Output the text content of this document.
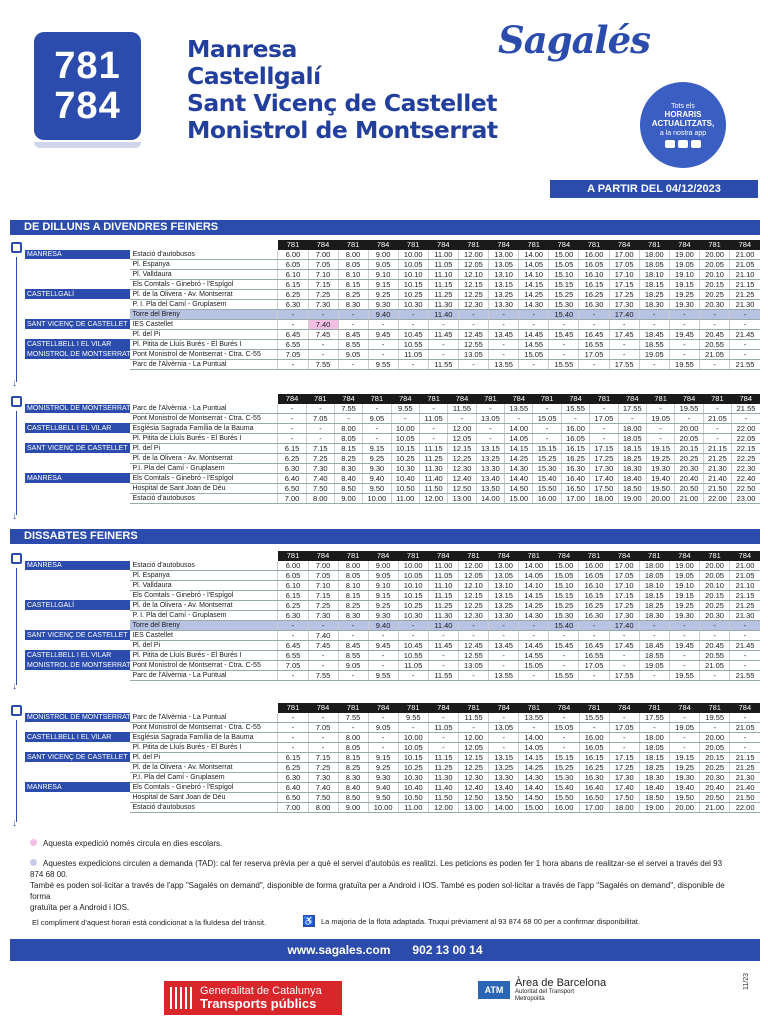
781
784
Manresa
Castellgalí
Sant Vicenç de Castellet
Monistrol de Montserrat
Sagalés
Tots els
HORARIS ACTUALITZATS,
a la nostra app
A PARTIR DEL 04/12/2023
DE DILLUNS A DIVENDRES FEINERS
↓
		781	784	781	784	781	784	781	784	781	784	781	784	781	784	781	784
MANRESA	Estació d'autobusos	6.00	7.00	8.00	9.00	10.00	11.00	12.00	13.00	14.00	15.00	16.00	17.00	18.00	19.00	20.00	21.00
	Pl. Espanya	6.05	7.05	8.05	9.05	10.05	11.05	12.05	13.05	14.05	15.05	16.05	17.05	18.05	19.05	20.05	21.05
	Pl. Valldaura	6.10	7.10	8.10	9.10	10.10	11.10	12.10	13.10	14.10	15.10	16.10	17.10	18.10	19.10	20.10	21.10
	Els Comtals - Ginebró - l'Espígol	6.15	7.15	8.15	9.15	10.15	11.15	12.15	13.15	14.15	15.15	16.15	17.15	18.15	19.15	20.15	21.15
CASTELLGALÍ	Pl. de la Olivera - Av. Montserrat	6.25	7.25	8.25	9.25	10.25	11.25	12.25	13.25	14.25	15.25	16.25	17.25	18.25	19.25	20.25	21.25
	P. I. Pla del Camí - Gruplasem	6.30	7.30	8.30	9.30	10.30	11.30	12.30	13.30	14.30	15.30	16.30	17.30	18.30	19.30	20.30	21.30
	Torre del Breny	-	-	-	9.40	-	11.40	-	-	-	15.40	-	17.40	-	-	-	-
SANT VICENÇ DE CASTELLET	IES Castellet	-	7.40	-	-	-	-	-	-	-	-	-	-	-	-	-	-
	Pl. del Pi	6.45	7.45	8.45	9.45	10.45	11.45	12.45	13.45	14.45	15.45	16.45	17.45	18.45	19.45	20.45	21.45
CASTELLBELL I EL VILAR	Pl. Pitita de Lluís Burés - El Burés I	6.55	-	8.55	-	10.55	-	12.55	-	14.55	-	16.55	-	18.55	-	20.55	-
MONISTROL DE MONTSERRAT	Pont Monistrol de Montserrat - Ctra. C-55	7.05	-	9.05	-	11.05	-	13.05	-	15.05	-	17.05	-	19.05	-	21.05	-
	Parc de l'Alvèrnia - La Puntual	-	7.55	-	9.55	-	11.55	-	13.55	-	15.55	-	17.55	-	19.55	-	21.55
↓
		784	781	784	781	784	781	784	781	784	781	784	781	784	781	784	781	784
MONISTROL DE MONTSERRAT	Parc de l'Alvèrnia - La Puntual	-	-	7.55	-	9.55	-	11.55	-	13.55	-	15.55	-	17.55	-	19.55	-	21.55
	Pont Monistrol de Montserrat - Ctra. C-55	-	7.05	-	9.05	-	11.05	-	13.05	-	15.05	-	17.05	-	19.05	-	21.05	-
CASTELLBELL I EL VILAR	Església Sagrada Família de la Bauma	-	-	8.00	-	10.00	-	12.00	-	14.00	-	16.00	-	18.00	-	20.00	-	22.00
	Pl. Pitita de Lluís Burés - El Burés I	-	-	8.05	-	10.05	-	12.05	-	14.05	-	16.05	-	18.05	-	20.05	-	22.05
SANT VICENÇ DE CASTELLET	Pl. del Pi	6.15	7.15	8.15	9.15	10.15	11.15	12.15	13.15	14.15	15.15	16.15	17.15	18.15	19.15	20.15	21.15	22.15
	Pl. de la Olivera - Av. Montserrat	6.25	7.25	8.25	9.25	10.25	11.25	12.25	13.25	14.25	15.25	16.25	17.25	18.25	19.25	20.25	21.25	22.25
	P.I. Pla del Camí - Gruplasem	6.30	7.30	8.30	9.30	10.30	11.30	12.30	13.30	14.30	15.30	16.30	17.30	18.30	19.30	20.30	21.30	22.30
MANRESA	Els Comtals - Ginebró - l'Espígol	6.40	7.40	8.40	9.40	10.40	11.40	12.40	13.40	14.40	15.40	16.40	17.40	18.40	19.40	20.40	21.40	22.40
	Hospital de Sant Joan de Déu	6.50	7.50	8.50	9.50	10.50	11.50	12.50	13.50	14.50	15.50	16.50	17.50	18.50	19.50	20.50	21.50	22.50
	Estació d'autobusos	7.00	8.00	9.00	10.00	11.00	12.00	13.00	14.00	15.00	16.00	17.00	18.00	19.00	20.00	21.00	22.00	23.00
DISSABTES FEINERS
↓
		781	784	781	784	781	784	781	784	781	784	781	784	781	784	781	784
MANRESA	Estació d'autobusos	6.00	7.00	8.00	9.00	10.00	11.00	12.00	13.00	14.00	15.00	16.00	17.00	18.00	19.00	20.00	21.00
	Pl. Espanya	6.05	7.05	8.05	9.05	10.05	11.05	12.05	13.05	14.05	15.05	16.05	17.05	18.05	19.05	20.05	21.05
	Pl. Valldaura	6.10	7.10	8.10	9.10	10.10	11.10	12.10	13.10	14.10	15.10	16.10	17.10	18.10	19.10	20.10	21.10
	Els Comtals - Ginebró - l'Espígol	6.15	7.15	8.15	9.15	10.15	11.15	12.15	13.15	14.15	15.15	16.15	17.15	18.15	19.15	20.15	21.15
CASTELLGALÍ	Pl. de la Olivera - Av. Montserrat	6.25	7.25	8.25	9.25	10.25	11.25	12.25	13.25	14.25	15.25	16.25	17.25	18.25	19.25	20.25	21.25
	P. I. Pla del Camí - Gruplasem	6.30	7.30	8.30	9.30	10.30	11.30	12.30	13.30	14.30	15.30	16.30	17.30	18.30	19.30	20.30	21.30
	Torre del Breny	-	-	-	9.40	-	11.40	-	-	-	15.40	-	17.40	-	-	-	-
SANT VICENÇ DE CASTELLET	IES Castellet	-	7.40	-	-	-	-	-	-	-	-	-	-	-	-	-	-
	Pl. del Pi	6.45	7.45	8.45	9.45	10.45	11.45	12.45	13.45	14.45	15.45	16.45	17.45	18.45	19.45	20.45	21.45
CASTELLBELL I EL VILAR	Pl. Pitita de Lluís Burés - El Burés I	6.55	-	8.55	-	10.55	-	12.55	-	14.55	-	16.55	-	18.55	-	20.55	-
MONISTROL DE MONTSERRAT	Pont Monistrol de Montserrat - Ctra. C-55	7.05	-	9.05	-	11.05	-	13.05	-	15.05	-	17.05	-	19.05	-	21.05	-
	Parc de l'Alvèrnia - La Puntual	-	7.55	-	9.55	-	11.55	-	13.55	-	15.55	-	17.55	-	19.55	-	21.55
↓
		781	784	781	784	781	784	781	784	781	784	781	784	781	784	781	784
MONISTROL DE MONTSERRAT	Parc de l'Alvèrnia - La Puntual	-	-	7.55	-	9.55	-	11.55	-	13.55	-	15.55	-	17.55	-	19.55	-
	Pont Monistrol de Montserrat - Ctra. C-55	-	7.05	-	9.05	-	11.05	-	13.05	-	15.05	-	17.05	-	19.05	-	21.05
CASTELLBELL I EL VILAR	Església Sagrada Família de la Bauma	-	-	8.00	-	10.00	-	12.00	-	14.00	-	16.00	-	18.00	-	20.00	-
	Pl. Pitita de Lluís Burés - El Burés I	-	-	8.05	-	10.05	-	12.05	-	14.05	-	16.05	-	18.05	-	20.05	-
SANT VICENÇ DE CASTELLET	Pl. del Pi	6.15	7.15	8.15	9.15	10.15	11.15	12.15	13.15	14.15	15.15	16.15	17.15	18.15	19.15	20.15	21.15
	Pl. de la Olivera - Av. Montserrat	6.25	7.25	8.25	9.25	10.25	11.25	12.25	13.25	14.25	15.25	16.25	17.25	18.25	19.25	20.25	21.25
	P.I. Pla del Camí - Gruplasem	6.30	7.30	8.30	9.30	10.30	11.30	12.30	13.30	14.30	15.30	16.30	17.30	18.30	19.30	20.30	21.30
MANRESA	Els Comtals - Ginebró - l'Espígol	6.40	7.40	8.40	9.40	10.40	11.40	12.40	13.40	14.40	15.40	16.40	17.40	18.40	19.40	20.40	21.40
	Hospital de Sant Joan de Déu	6.50	7.50	8.50	9.50	10.50	11.50	12.50	13.50	14.50	15.50	16.50	17.50	18.50	19.50	20.50	21.50
	Estació d'autobusos	7.00	8.00	9.00	10.00	11.00	12.00	13.00	14.00	15.00	16.00	17.00	18.00	19.00	20.00	21.00	22.00
Aquesta expedició només circula en dies escolars.
Aquestes expedicions circulen a demanda (TAD): cal fer reserva prèvia per a què el servei d'autobús es realitzi. Les peticions es poden fer 1 hora abans de realitzar-se el servei a través del 93 874 68 00.
També es poden sol·licitar a través de l'app "Sagalés on demand", disponible de forma gratuïta per a Android i IOS. També es poden sol·licitar a través de l'app "Sagalés on demand", disponible de forma
gratuïta per a Android i IOS.
El compliment d'aquest horari està condicionat a la fluïdesa del trànsit.	♿ La majoria de la flota adaptada. Truqui prèviament al 93 874 68 00 per a confirmar disponibilitat.
www.sagales.com 902 13 00 14
Generalitat de Catalunya
Transports públics
ATM
Àrea de Barcelona
Autoritat del Transport
Metropolità
11/23
